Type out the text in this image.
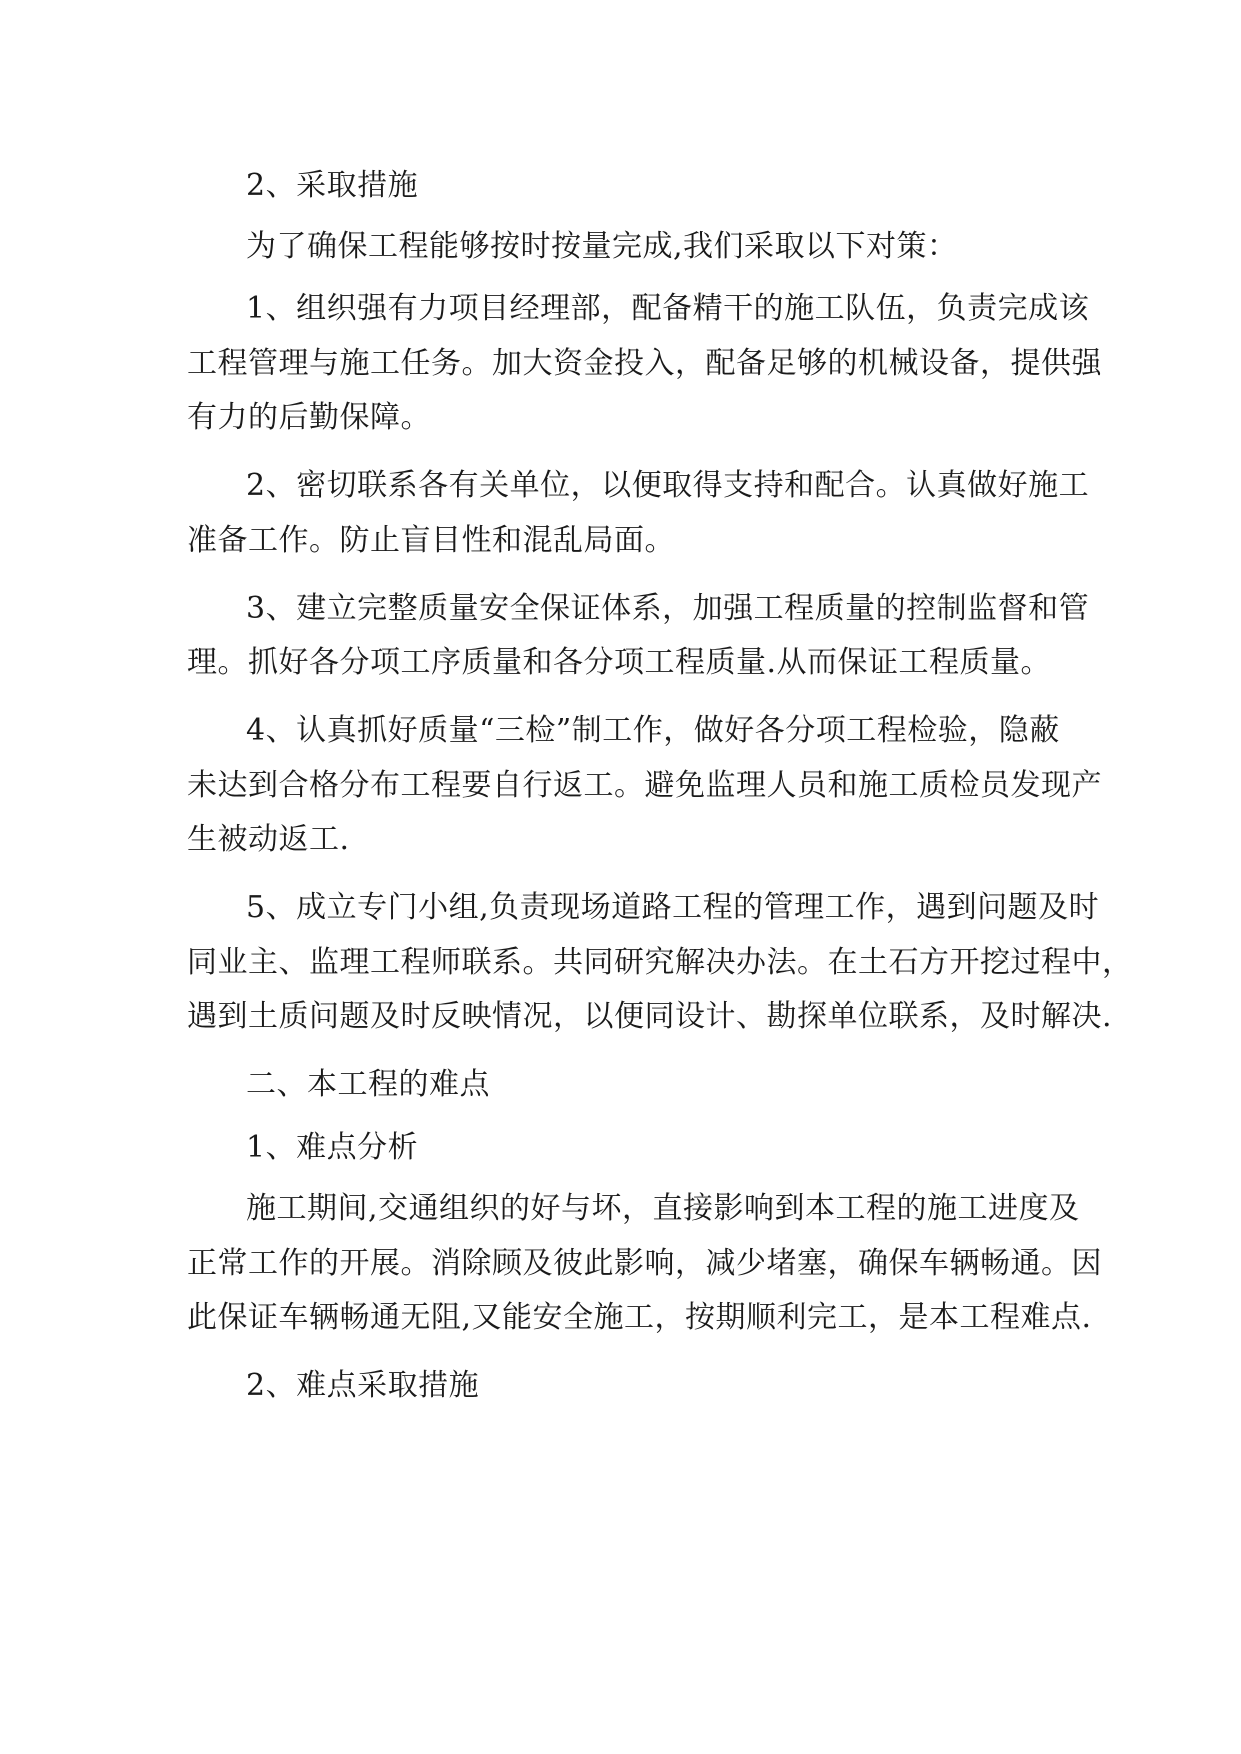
2、采取措施
为了确保工程能够按时按量完成,我们采取以下对策：
1、组织强有力项目经理部，配备精干的施工队伍，负责完成该
工程管理与施工任务。加大资金投入，配备足够的机械设备，提供强
有力的后勤保障。
2、密切联系各有关单位，以便取得支持和配合。认真做好施工
准备工作。防止盲目性和混乱局面。
3、建立完整质量安全保证体系，加强工程质量的控制监督和管
理。抓好各分项工序质量和各分项工程质量.从而保证工程质量。
4、认真抓好质量“三检”制工作，做好各分项工程检验，隐蔽
未达到合格分布工程要自行返工。避免监理人员和施工质检员发现产
生被动返工.
5、成立专门小组,负责现场道路工程的管理工作，遇到问题及时
同业主、监理工程师联系。共同研究解决办法。在土石方开挖过程中，
遇到土质问题及时反映情况，以便同设计、勘探单位联系，及时解决.
二、本工程的难点
1、难点分析
施工期间,交通组织的好与坏，直接影响到本工程的施工进度及
正常工作的开展。消除顾及彼此影响，减少堵塞，确保车辆畅通。因
此保证车辆畅通无阻,又能安全施工，按期顺利完工，是本工程难点.
2、难点采取措施
